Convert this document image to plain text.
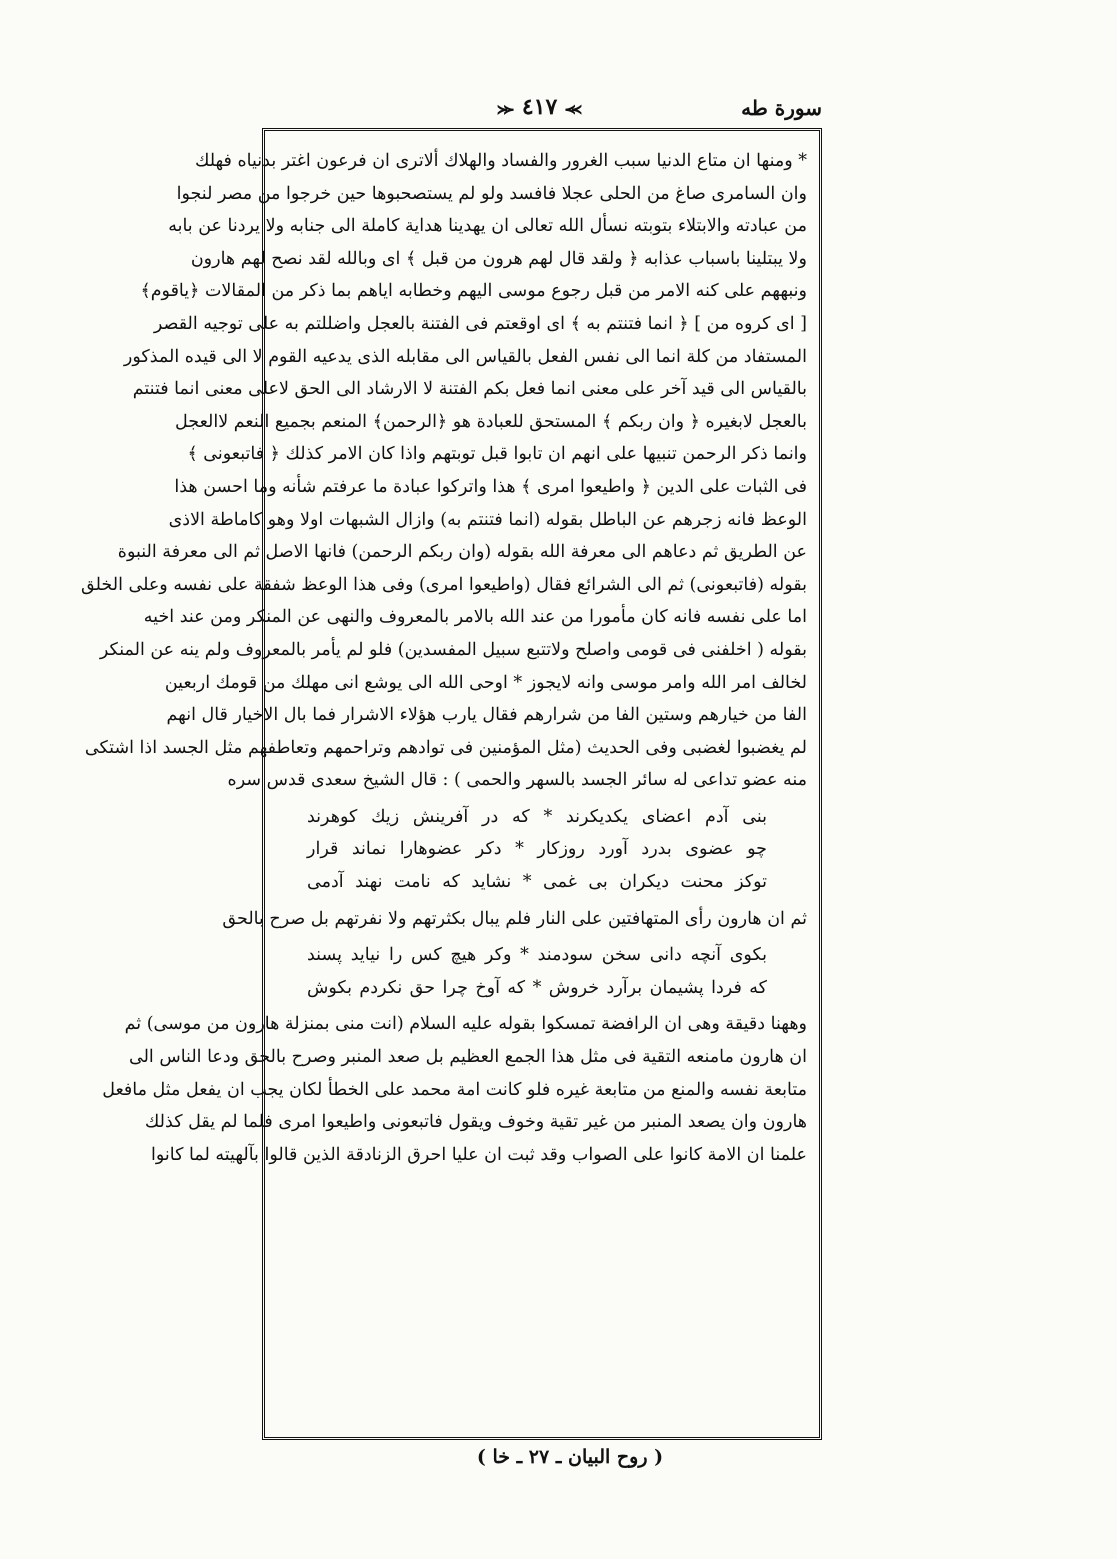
سورة طه
⪼ ٤١٧ ⪻
* ومنها ان متاع الدنيا سبب الغرور والفساد والهلاك ألاترى ان فرعون اغتر بدنياه فهلك
وان السامرى صاغ من الحلى عجلا فافسد ولو لم يستصحبوها حين خرجوا من مصر لنجوا
من عبادته والابتلاء بتوبته نسأل الله تعالى ان يهدينا هداية كاملة الى جنابه ولا يردنا عن بابه
ولا يبتلينا باسباب عذابه ﴿ ولقد قال لهم هرون من قبل ﴾ اى وبالله لقد نصح لهم هارون
ونبههم على كنه الامر من قبل رجوع موسى اليهم وخطابه اياهم بما ذكر من المقالات ﴿ياقوم﴾
[ اى كروه من ] ﴿ انما فتنتم به ﴾ اى اوقعتم فى الفتنة بالعجل واضللتم به على توجيه القصر
المستفاد من كلة انما الى نفس الفعل بالقياس الى مقابله الذى يدعيه القوم لا الى قيده المذكور
بالقياس الى قيد آخر على معنى انما فعل بكم الفتنة لا الارشاد الى الحق لاعلى معنى انما فتنتم
بالعجل لابغيره ﴿ وان ربكم ﴾ المستحق للعبادة هو ﴿الرحمن﴾ المنعم بجميع النعم لاالعجل
وانما ذكر الرحمن تنبيها على انهم ان تابوا قبل توبتهم واذا كان الامر كذلك ﴿ فاتبعونى ﴾
فى الثبات على الدين ﴿ واطيعوا امرى ﴾ هذا واتركوا عبادة ما عرفتم شأنه وما احسن هذا
الوعظ فانه زجرهم عن الباطل بقوله (انما فتنتم به) وازال الشبهات اولا وهو كاماطة الاذى
عن الطريق ثم دعاهم الى معرفة الله بقوله (وان ربكم الرحمن) فانها الاصل ثم الى معرفة النبوة
بقوله (فاتبعونى) ثم الى الشرائع فقال (واطيعوا امرى) وفى هذا الوعظ شفقة على نفسه وعلى الخلق
اما على نفسه فانه كان مأمورا من عند الله بالامر بالمعروف والنهى عن المنكر ومن عند اخيه
بقوله ( اخلفنى فى قومى واصلح ولاتتبع سبيل المفسدين) فلو لم يأمر بالمعروف ولم ينه عن المنكر
لخالف امر الله وامر موسى وانه لايجوز * اوحى الله الى يوشع انى مهلك من قومك اربعين
الفا من خيارهم وستين الفا من شرارهم فقال يارب هؤلاء الاشرار فما بال الاخيار قال انهم
لم يغضبوا لغضبى وفى الحديث (مثل المؤمنين فى توادهم وتراحمهم وتعاطفهم مثل الجسد اذا اشتكى
منه عضو تداعى له سائر الجسد بالسهر والحمى ) : قال الشيخ سعدى قدس سره
بنى آدم اعضاى يكديكرند * كه در آفرينش زيك كوهرند
چو عضوى بدرد آورد روزكار * دكر عضوهارا نماند قرار
توكز محنت ديكران بى غمى * نشايد كه نامت نهند آدمى
ثم ان هارون رأى المتهافتين على النار فلم يبال بكثرتهم ولا نفرتهم بل صرح بالحق
بكوى آنچه دانى سخن سودمند * وكر هيچ كس را نيايد پسند
كه فردا پشيمان برآرد خروش * كه آوخ چرا حق نكردم بكوش
وههنا دقيقة وهى ان الرافضة تمسكوا بقوله عليه السلام (انت منى بمنزلة هارون من موسى) ثم
ان هارون مامنعه التقية فى مثل هذا الجمع العظيم بل صعد المنبر وصرح بالحق ودعا الناس الى
متابعة نفسه والمنع من متابعة غيره فلو كانت امة محمد على الخطأ لكان يجب ان يفعل مثل مافعل
هارون وان يصعد المنبر من غير تقية وخوف ويقول فاتبعونى واطيعوا امرى فلما لم يقل كذلك
علمنا ان الامة كانوا على الصواب وقد ثبت ان عليا احرق الزنادقة الذين قالوا بآلهيته لما كانوا
( روح البيان ـ ٢٧ ـ خا )
